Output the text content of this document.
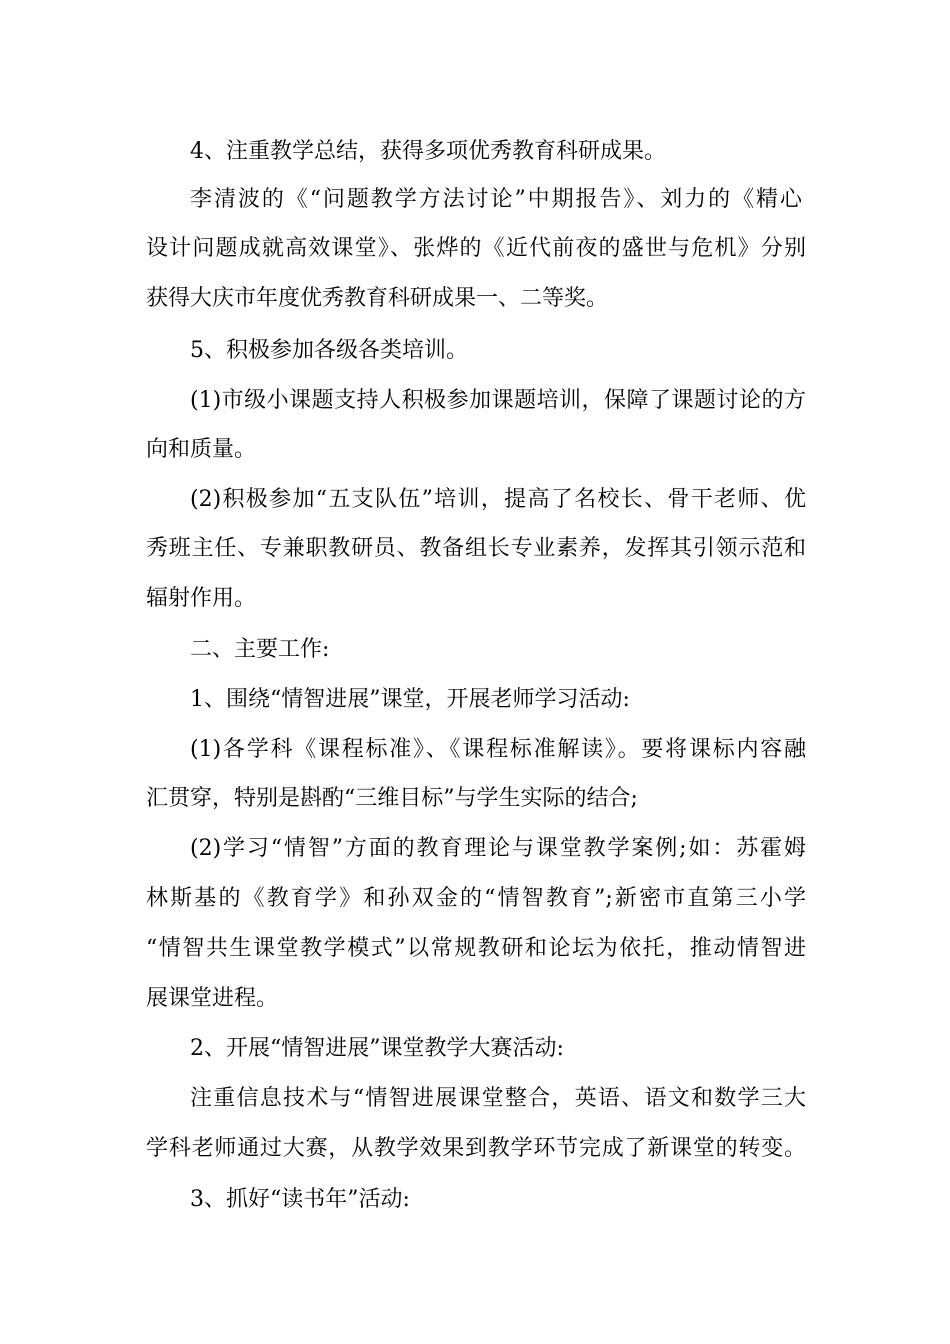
4、注重教学总结，获得多项优秀教育科研成果。
李清波的《“问题教学方法讨论”中期报告》、刘力的《精心
设计问题成就高效课堂》、张烨的《近代前夜的盛世与危机》分别
获得大庆市年度优秀教育科研成果一、二等奖。
5、积极参加各级各类培训。
(1)市级小课题支持人积极参加课题培训，保障了课题讨论的方
向和质量。
(2)积极参加“五支队伍”培训，提高了名校长、骨干老师、优
秀班主任、专兼职教研员、教备组长专业素养，发挥其引领示范和
辐射作用。
二、主要工作:
1、围绕“情智进展”课堂，开展老师学习活动:
(1)各学科《课程标准》、《课程标准解读》。要将课标内容融
汇贯穿，特别是斟酌“三维目标”与学生实际的结合;
(2)学习“情智”方面的教育理论与课堂教学案例;如：苏霍姆
林斯基的《教育学》和孙双金的“情智教育”;新密市直第三小学
“情智共生课堂教学模式”以常规教研和论坛为依托，推动情智进
展课堂进程。
2、开展“情智进展”课堂教学大赛活动:
注重信息技术与“情智进展课堂整合，英语、语文和数学三大
学科老师通过大赛，从教学效果到教学环节完成了新课堂的转变。
3、抓好“读书年”活动:
